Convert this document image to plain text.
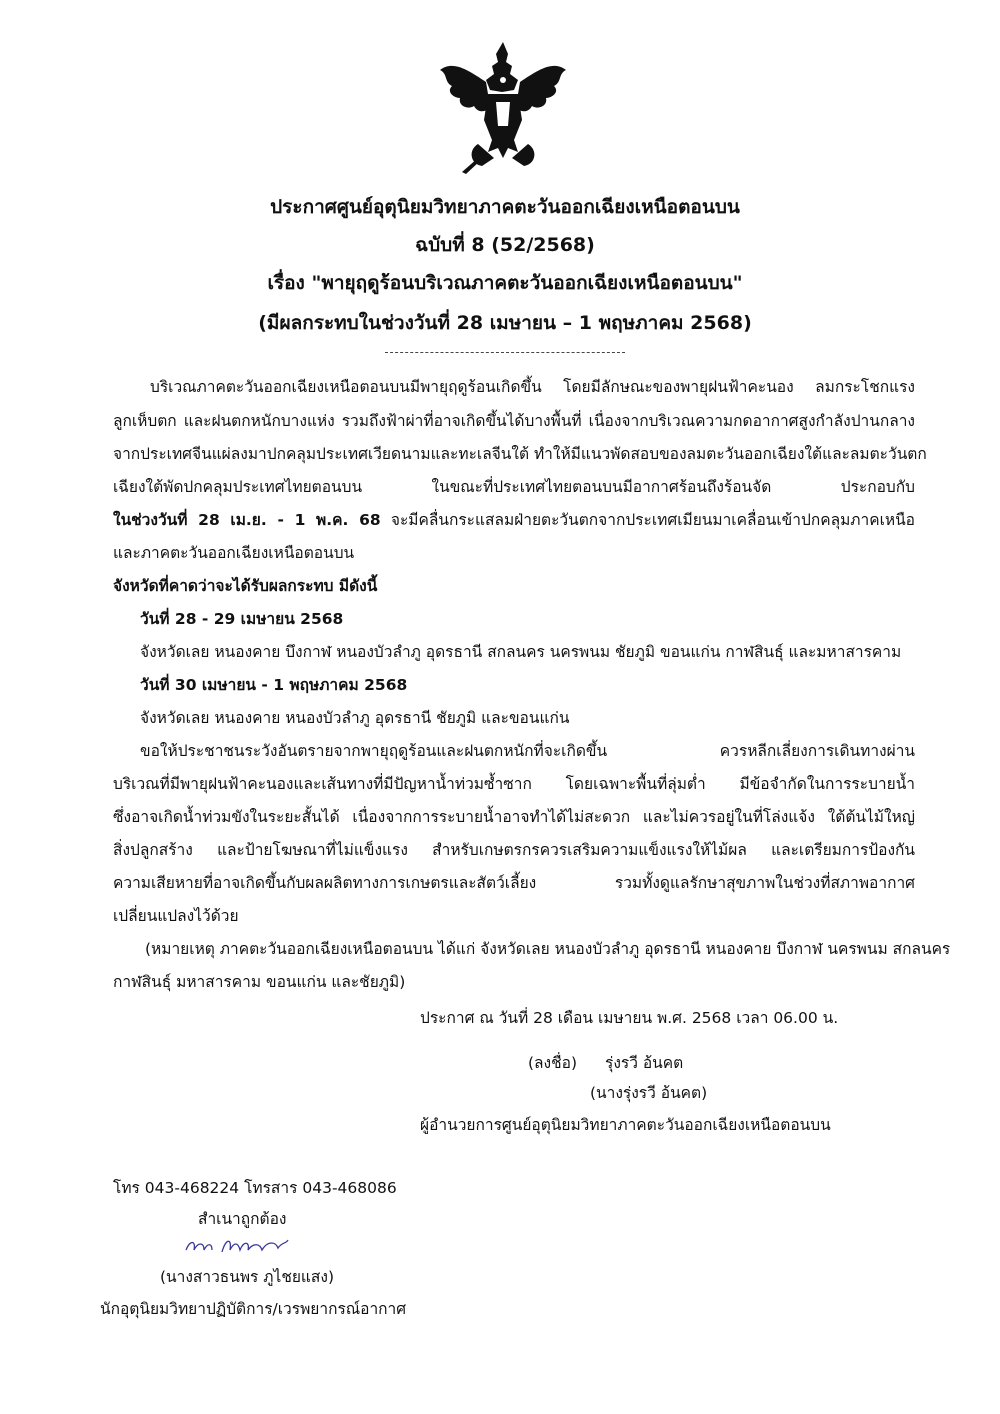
ประกาศศูนย์อุตุนิยมวิทยาภาคตะวันออกเฉียงเหนือตอนบน
ฉบับที่ 8 (52/2568)
เรื่อง "พายุฤดูร้อนบริเวณภาคตะวันออกเฉียงเหนือตอนบน"
(มีผลกระทบในช่วงวันที่ 28 เมษายน – 1 พฤษภาคม 2568)
บริเวณภาคตะวันออกเฉียงเหนือตอนบนมีพายุฤดูร้อนเกิดขึ้น โดยมีลักษณะของพายุฝนฟ้าคะนอง ลมกระโชกแรง
ลูกเห็บตก และฝนตกหนักบางแห่ง รวมถึงฟ้าผ่าที่อาจเกิดขึ้นได้บางพื้นที่ เนื่องจากบริเวณความกดอากาศสูงกำลังปานกลาง
จากประเทศจีนแผ่ลงมาปกคลุมประเทศเวียดนามและทะเลจีนใต้ ทำให้มีแนวพัดสอบของลมตะวันออกเฉียงใต้และลมตะวันตก
เฉียงใต้พัดปกคลุมประเทศไทยตอนบน ในขณะที่ประเทศไทยตอนบนมีอากาศร้อนถึงร้อนจัด ประกอบกับ
ในช่วงวันที่ 28 เม.ย. - 1 พ.ค. 68 จะมีคลื่นกระแสลมฝ่ายตะวันตกจากประเทศเมียนมาเคลื่อนเข้าปกคลุมภาคเหนือ
และภาคตะวันออกเฉียงเหนือตอนบน
จังหวัดที่คาดว่าจะได้รับผลกระทบ มีดังนี้
วันที่ 28 - 29 เมษายน 2568
จังหวัดเลย หนองคาย บึงกาฬ หนองบัวลำภู อุดรธานี สกลนคร นครพนม ชัยภูมิ ขอนแก่น กาฬสินธุ์ และมหาสารคาม
วันที่ 30 เมษายน - 1 พฤษภาคม 2568
จังหวัดเลย หนองคาย หนองบัวลำภู อุดรธานี ชัยภูมิ และขอนแก่น
ขอให้ประชาชนระวังอันตรายจากพายุฤดูร้อนและฝนตกหนักที่จะเกิดขึ้น ควรหลีกเลี่ยงการเดินทางผ่าน
บริเวณที่มีพายุฝนฟ้าคะนองและเส้นทางที่มีปัญหาน้ำท่วมซ้ำซาก โดยเฉพาะพื้นที่ลุ่มต่ำ มีข้อจำกัดในการระบายน้ำ
ซึ่งอาจเกิดน้ำท่วมขังในระยะสั้นได้ เนื่องจากการระบายน้ำอาจทำได้ไม่สะดวก และไม่ควรอยู่ในที่โล่งแจ้ง ใต้ต้นไม้ใหญ่
สิ่งปลูกสร้าง และป้ายโฆษณาที่ไม่แข็งแรง สำหรับเกษตรกรควรเสริมความแข็งแรงให้ไม้ผล และเตรียมการป้องกัน
ความเสียหายที่อาจเกิดขึ้นกับผลผลิตทางการเกษตรและสัตว์เลี้ยง รวมทั้งดูแลรักษาสุขภาพในช่วงที่สภาพอากาศ
เปลี่ยนแปลงไว้ด้วย
(หมายเหตุ ภาคตะวันออกเฉียงเหนือตอนบน ได้แก่ จังหวัดเลย หนองบัวลำภู อุดรธานี หนองคาย บึงกาฬ นครพนม สกลนคร
กาฬสินธุ์ มหาสารคาม ขอนแก่น และชัยภูมิ)
ประกาศ ณ วันที่ 28 เดือน เมษายน พ.ศ. 2568 เวลา 06.00 น.
(ลงชื่อ) รุ่งรวี อ้นคต
(นางรุ่งรวี อ้นคต)
ผู้อำนวยการศูนย์อุตุนิยมวิทยาภาคตะวันออกเฉียงเหนือตอนบน
โทร 043-468224 โทรสาร 043-468086
สำเนาถูกต้อง
(นางสาวธนพร ภูไชยแสง)
นักอุตุนิยมวิทยาปฏิบัติการ/เวรพยากรณ์อากาศ
